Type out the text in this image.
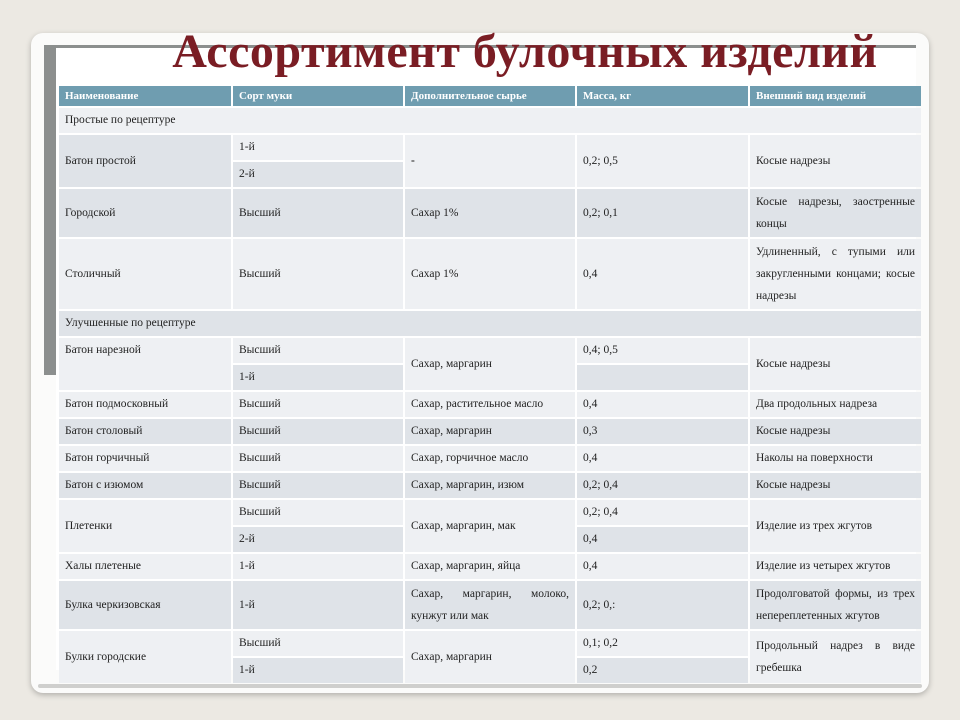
Ассортимент булочных изделий
Наименование	Сорт муки	Дополнительное сырье	Масса, кг	Внешний вид изделий
Простые по рецептуре				
Батон простой	1-й	-	0,2; 0,5	Косые надрезы
	2-й			
Городской	Высший	Сахар 1%	0,2; 0,1	Косые надрезы, заостренные концы
Столичный	Высший	Сахар 1%	0,4	Удлиненный, с тупыми или закругленными концами; косые надрезы
Улучшенные по рецептуре				
Батон нарезной	Высший	Сахар, маргарин	0,4; 0,5	Косые надрезы
	1-й			
Батон подмосковный	Высший	Сахар, растительное масло	0,4	Два продольных надреза
Батон столовый	Высший	Сахар, маргарин	0,3	Косые надрезы
Батон горчичный	Высший	Сахар, горчичное масло	0,4	Наколы на поверхности
Батон с изюмом	Высший	Сахар, маргарин, изюм	0,2; 0,4	Косые надрезы
Плетенки	Высший	Сахар, маргарин, мак	0,2; 0,4	Изделие из трех жгутов
	2-й		0,4	
Халы плетеные	1-й	Сахар, маргарин, яйца	0,4	Изделие из четырех жгутов
Булка черкизовская	1-й	Сахар, маргарин, молоко, кунжут или мак	0,2; 0,:	Продолговатой формы, из трех непереплетенных жгутов
Булки городские	Высший	Сахар, маргарин	0,1; 0,2	Продольный надрез в виде гребешка
	1-й		0,2	
